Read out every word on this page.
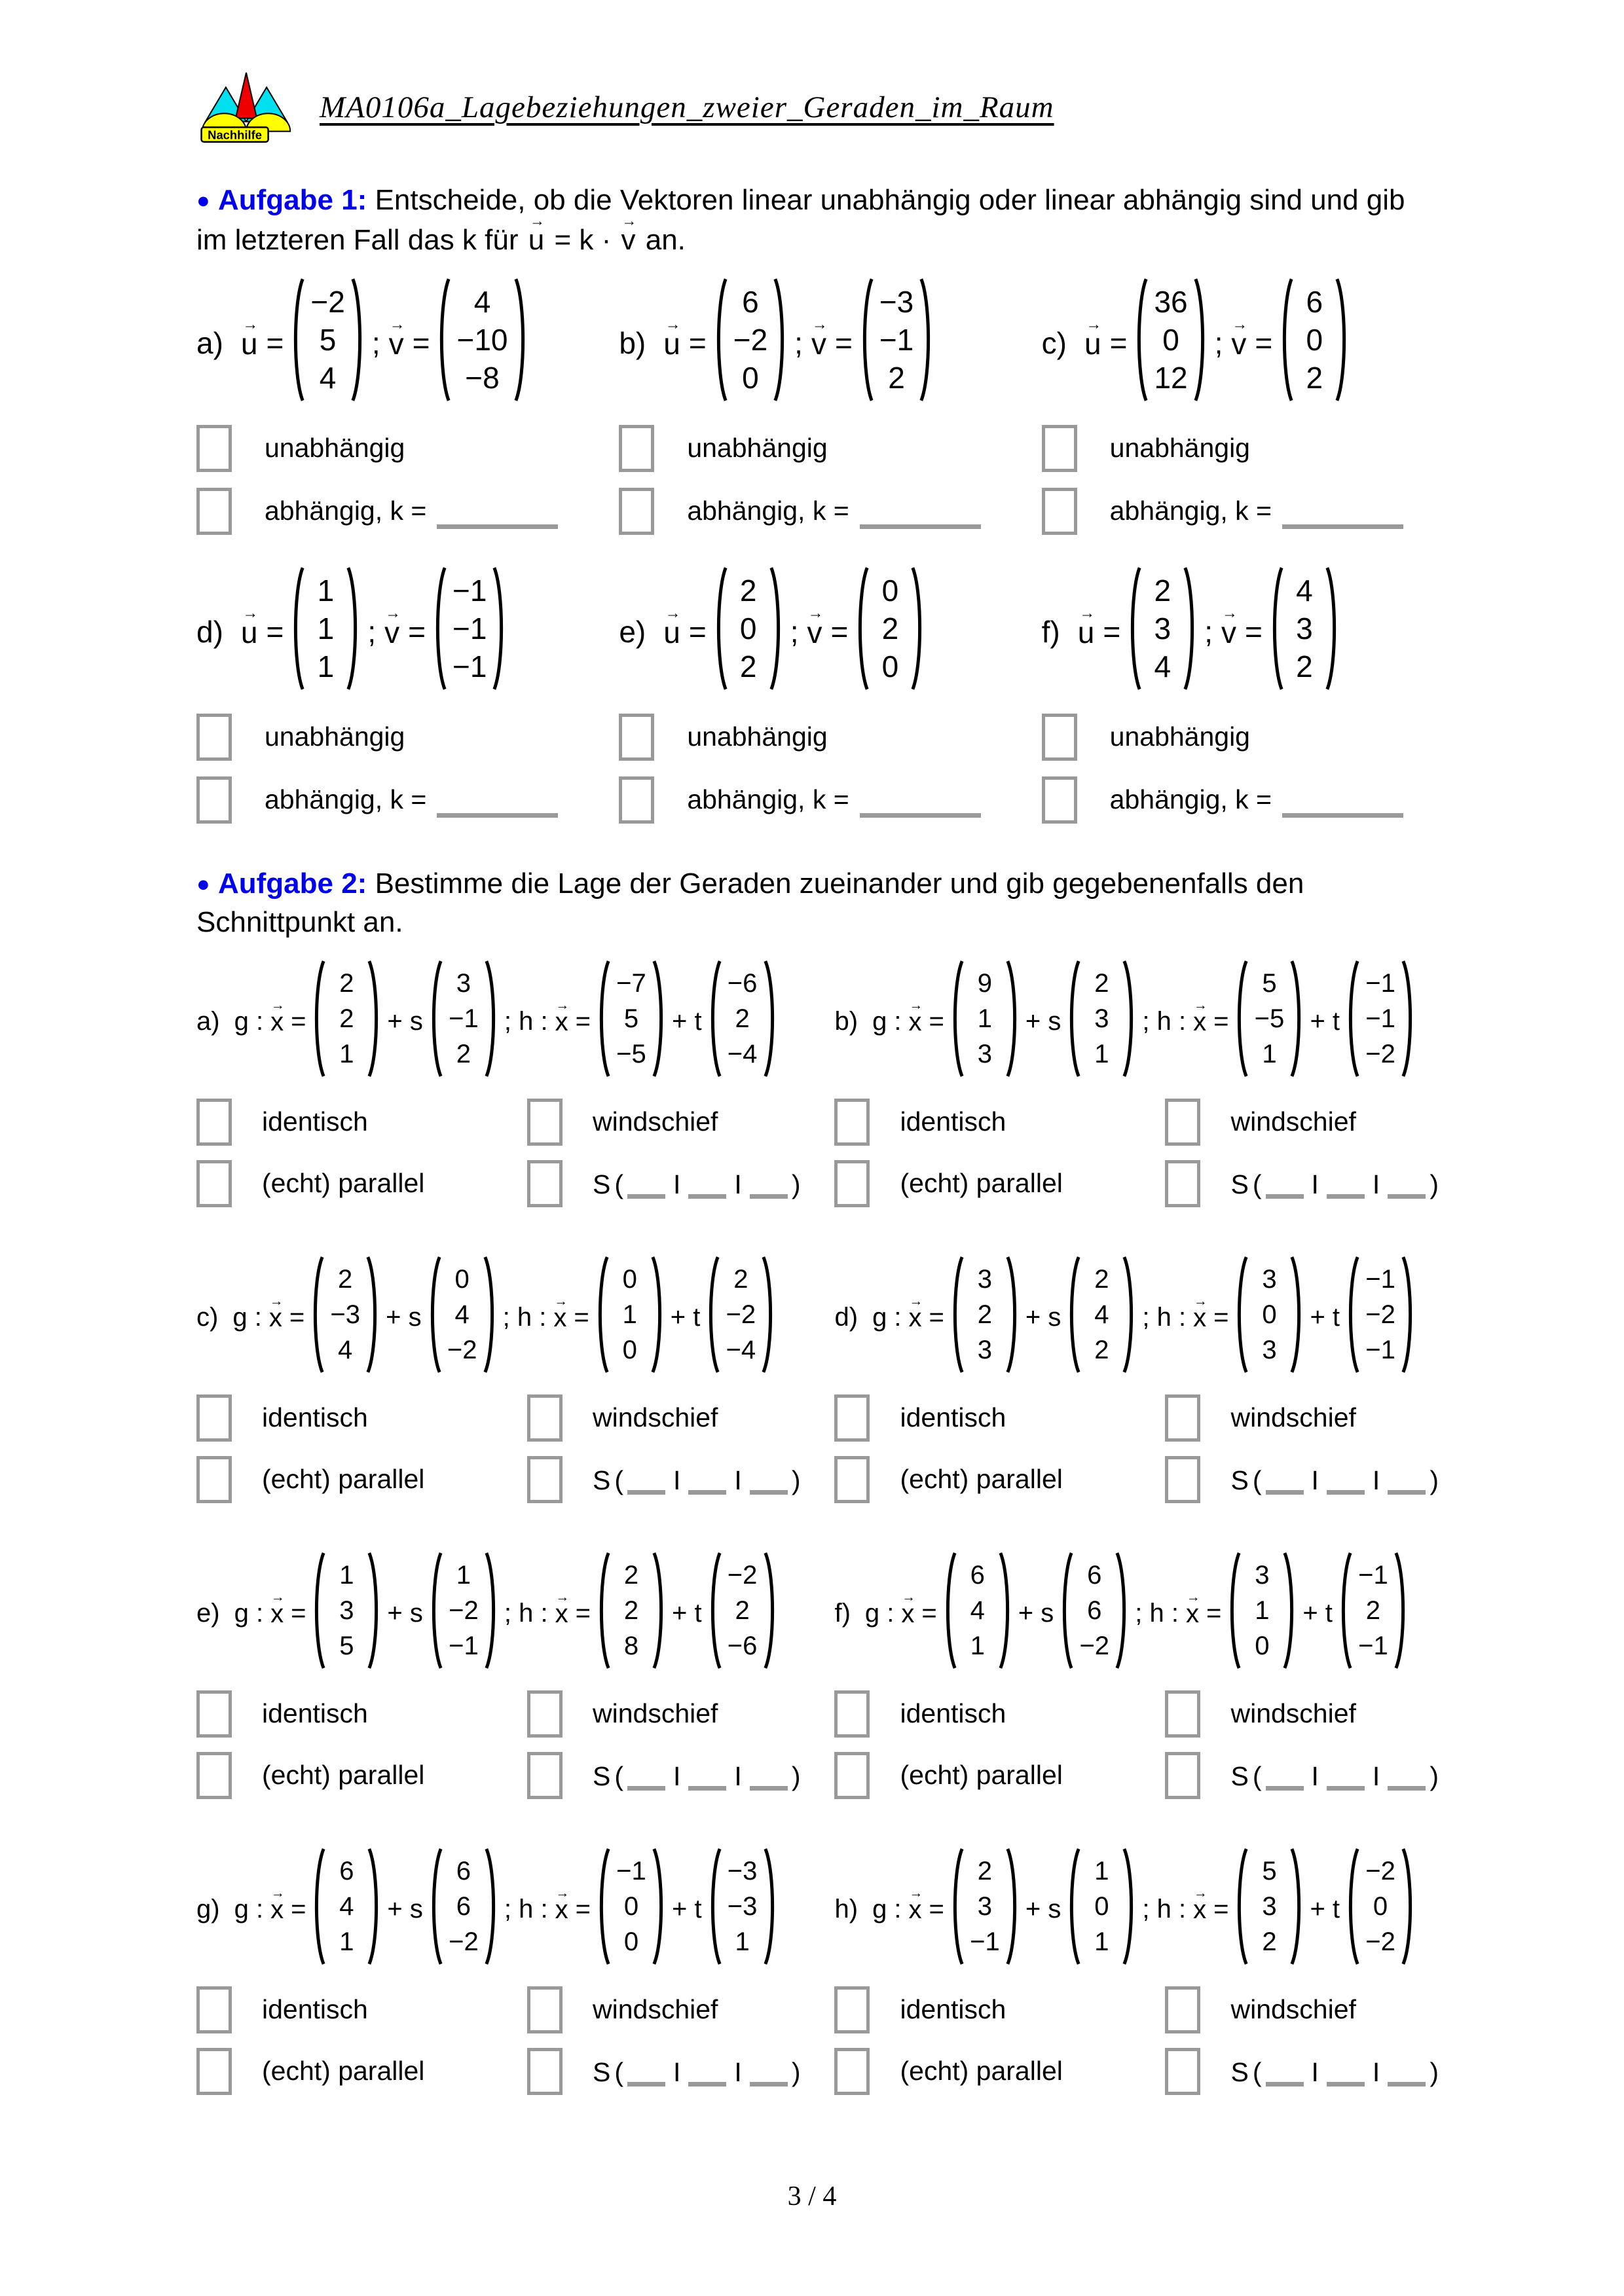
Nachhilfe
MA0106a_Lagebeziehungen_zweier_Geraden_im_Raum

● Aufgabe 1: Entscheide, ob die Vektoren linear unabhängig oder linear abhängig sind und gib im letzteren Fall das k für → u = k · → v an.

a) → u =
−2
5
4
; → v =
4
−10
−8
unabhängig
abhängig, k =
b) → u =
6
−2
0
; → v =
−3
−1
2
unabhängig
abhängig, k =
c) → u =
36
0
12
; → v =
6
0
2
unabhängig
abhängig, k =
d) → u =
1
1
1
; → v =
−1
−1
−1
unabhängig
abhängig, k =
e) → u =
2
0
2
; → v =
0
2
0
unabhängig
abhängig, k =
f) → u =
2
3
4
; → v =
4
3
2
unabhängig
abhängig, k =

● Aufgabe 2: Bestimme die Lage der Geraden zueinander und gib gegebenenfalls den Schnittpunkt an.

a) g : → x =
2
2
1
+ s
3
−1
2
; h : → x =
−7
5
−5
+ t
−6
2
−4
identisch	windschief
(echt) parallel	S ( I I )
b) g : → x =
9
1
3
+ s
2
3
1
; h : → x =
5
−5
1
+ t
−1
−1
−2
identisch	windschief
(echt) parallel	S ( I I )
c) g : → x =
2
−3
4
+ s
0
4
−2
; h : → x =
0
1
0
+ t
2
−2
−4
identisch	windschief
(echt) parallel	S ( I I )
d) g : → x =
3
2
3
+ s
2
4
2
; h : → x =
3
0
3
+ t
−1
−2
−1
identisch	windschief
(echt) parallel	S ( I I )
e) g : → x =
1
3
5
+ s
1
−2
−1
; h : → x =
2
2
8
+ t
−2
2
−6
identisch	windschief
(echt) parallel	S ( I I )
f) g : → x =
6
4
1
+ s
6
6
−2
; h : → x =
3
1
0
+ t
−1
2
−1
identisch	windschief
(echt) parallel	S ( I I )
g) g : → x =
6
4
1
+ s
6
6
−2
; h : → x =
−1
0
0
+ t
−3
−3
1
identisch	windschief
(echt) parallel	S ( I I )
h) g : → x =
2
3
−1
+ s
1
0
1
; h : → x =
5
3
2
+ t
−2
0
−2
identisch	windschief
(echt) parallel	S ( I I )
3 / 4
